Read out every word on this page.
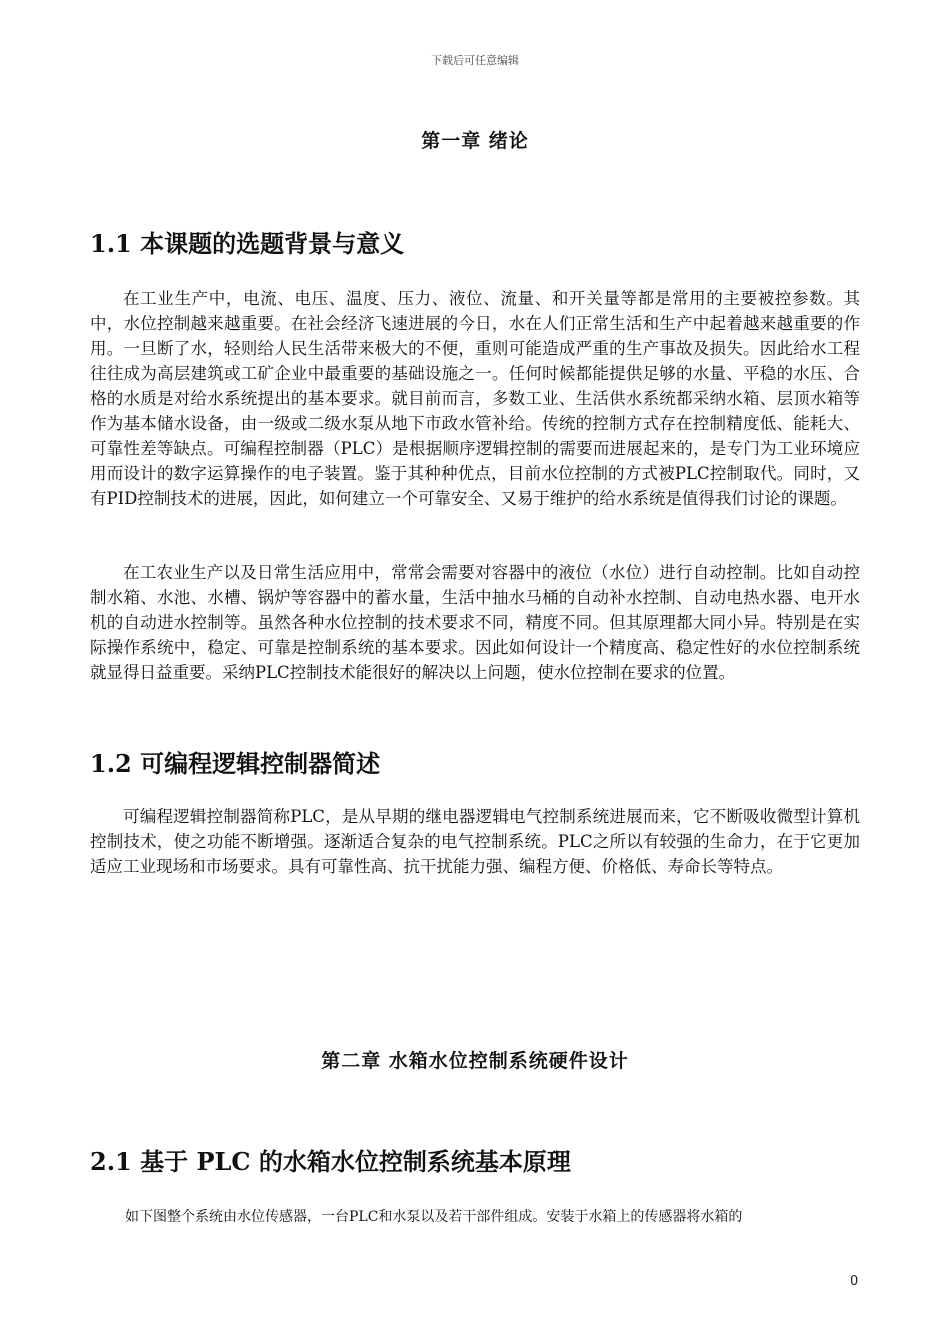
下载后可任意编辑
第一章 绪论
1.1 本课题的选题背景与意义

在工业生产中，电流、电压、温度、压力、液位、流量、和开关量等都是常用的主要被控参数。其中，水位控制越来越重要。在社会经济飞速进展的今日，水在人们正常生活和生产中起着越来越重要的作用。一旦断了水，轻则给人民生活带来极大的不便，重则可能造成严重的生产事故及损失。因此给水工程往往成为高层建筑或工矿企业中最重要的基础设施之一。任何时候都能提供足够的水量、平稳的水压、合格的水质是对给水系统提出的基本要求。就目前而言，多数工业、生活供水系统都采纳水箱、层顶水箱等作为基本储水设备，由一级或二级水泵从地下市政水管补给。传统的控制方式存在控制精度低、能耗大、可靠性差等缺点。可编程控制器（PLC）是根据顺序逻辑控制的需要而进展起来的，是专门为工业环境应用而设计的数字运算操作的电子装置。鉴于其种种优点，目前水位控制的方式被PLC控制取代。同时，又有PID控制技术的进展，因此，如何建立一个可靠安全、又易于维护的给水系统是值得我们讨论的课题。

在工农业生产以及日常生活应用中，常常会需要对容器中的液位（水位）进行自动控制。比如自动控制水箱、水池、水槽、锅炉等容器中的蓄水量，生活中抽水马桶的自动补水控制、自动电热水器、电开水机的自动进水控制等。虽然各种水位控制的技术要求不同，精度不同。但其原理都大同小异。特别是在实际操作系统中，稳定、可靠是控制系统的基本要求。因此如何设计一个精度高、稳定性好的水位控制系统就显得日益重要。采纳PLC控制技术能很好的解决以上问题，使水位控制在要求的位置。

1.2 可编程逻辑控制器简述

可编程逻辑控制器简称PLC，是从早期的继电器逻辑电气控制系统进展而来，它不断吸收微型计算机控制技术，使之功能不断增强。逐渐适合复杂的电气控制系统。PLC之所以有较强的生命力，在于它更加适应工业现场和市场要求。具有可靠性高、抗干扰能力强、编程方便、价格低、寿命长等特点。

第二章 水箱水位控制系统硬件设计
2.1 基于 PLC 的水箱水位控制系统基本原理

如下图整个系统由水位传感器，一台PLC和水泵以及若干部件组成。安装于水箱上的传感器将水箱的

0
